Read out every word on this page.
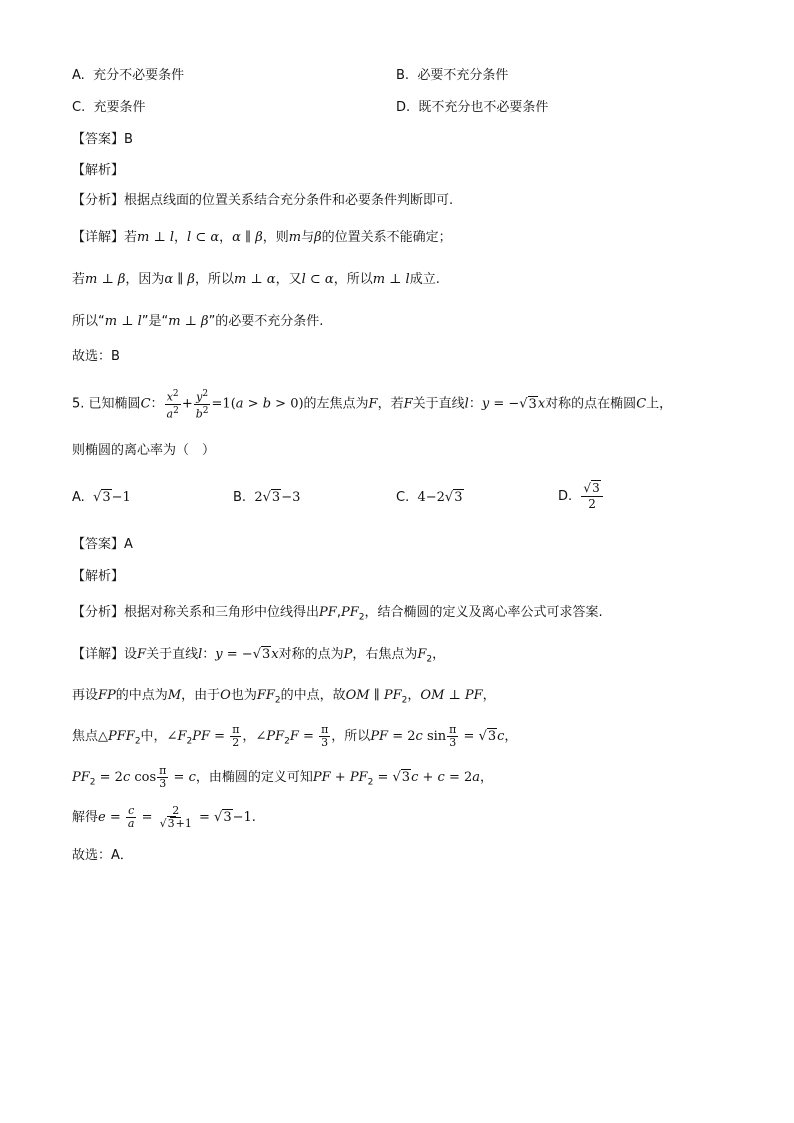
A. 充分不必要条件	B. 必要不充分条件
C. 充要条件	D. 既不充分也不必要条件
【答案】B
【解析】
【分析】根据点线面的位置关系结合充分条件和必要条件判断即可.
【详解】若m ⊥ l，l ⊂ α，α ∥ β，则m与β的位置关系不能确定；
若m ⊥ β，因为α ∥ β，所以m ⊥ α，又l ⊂ α，所以m ⊥ l成立.
所以“m ⊥ l”是“m ⊥ β”的必要不充分条件.
故选：B
5. 已知椭圆C： $\frac{x^2}{a^2} + \frac{y^2}{b^2} =1(a > b > 0)$的左焦点为F，若F关于直线l：y = −√3x对称的点在椭圆C上，
则椭圆的离心率为（　）
A. √3−1	B. 2√3−3	C. 4−2√3	D. $\frac{√3}{2}$
【答案】A
【解析】
【分析】根据对称关系和三角形中位线得出$PF,PF_2$，结合椭圆的定义及离心率公式可求答案.
【详解】设F关于直线l：y = −√3x对称的点为P，右焦点为$F_2$，
再设FP的中点为M，由于O也为$FF_2$的中点，故OM ∥ $PF_2$，OM ⊥ PF，
焦点$\triangle PFF_2$中，$\angle F_2PF = \frac{\pi}{2}$ ，$\angle PF_2F = \frac{\pi}{3}$ ，所以PF = 2c $\sin \frac{\pi}{3} = √3c$，
$PF_2 = 2c$ $\cos \frac{\pi}{3} = c$，由椭圆的定义可知PF + $PF_2 = √3c + c = 2a$，
解得$e = \frac{c}{a} = \frac{2}{√3+1} = √3-1$.
故选：A．
